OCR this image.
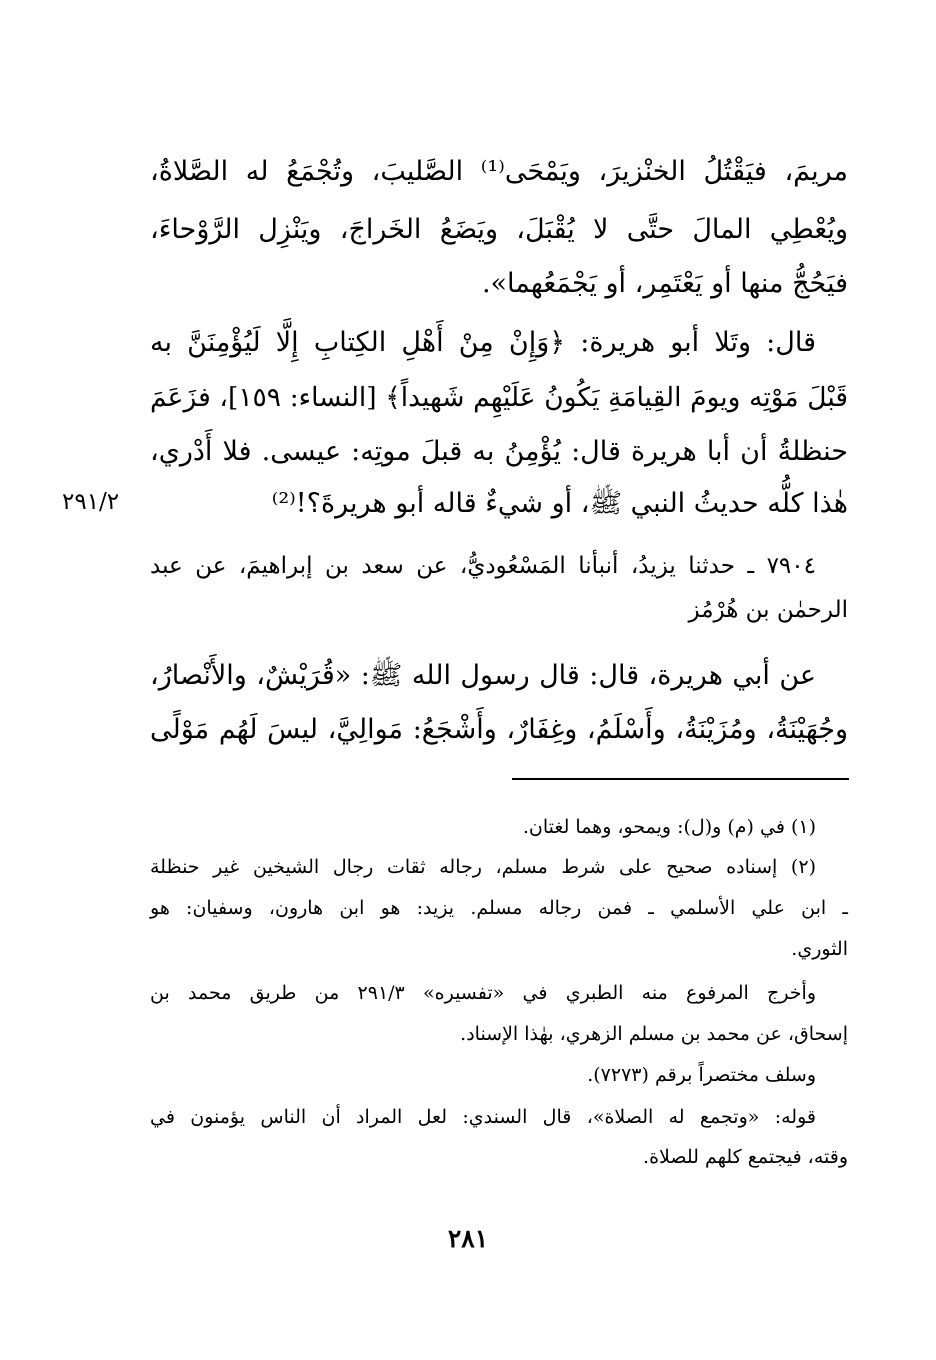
مريمَ، فيَقْتُلُ الخنْزيرَ، ويَمْحَى⁽¹⁾ الصَّليبَ، وتُجْمَعُ له الصَّلاةُ،
ويُعْطِي المالَ حتَّى لا يُقْبَلَ، ويَضَعُ الخَراجَ، ويَنْزِل الرَّوْحاءَ،
فيَحُجُّ منها أو يَعْتَمِر، أو يَجْمَعُهما».
قال: وتَلا أبو هريرة: ﴿وَإِنْ مِنْ أَهْلِ الكِتابِ إِلَّا لَيُؤْمِنَنَّ به
قَبْلَ مَوْتِه ويومَ القِيامَةِ يَكُونُ عَلَيْهِم شَهيداً﴾ [النساء: ١٥٩]، فزَعَمَ
حنظلةُ أن أبا هريرة قال: يُؤْمِنُ به قبلَ موتِه: عيسى. فلا أَدْري،
هٰذا كلُّه حديثُ النبي ﷺ، أو شيءٌ قاله أبو هريرةَ؟!⁽²⁾
٢٩١/٢
٧٩٠٤ ـ حدثنا يزيدُ، أنبأنا المَسْعُوديُّ، عن سعد بن إبراهيمَ، عن عبد
الرحمٰن بن هُرْمُز
عن أبي هريرة، قال: قال رسول الله ﷺ: «قُرَيْشٌ، والأَنْصارُ،
وجُهَيْنَةُ، ومُزَيْنَةُ، وأَسْلَمُ، وغِفَارٌ، وأَشْجَعُ: مَوالِيَّ، ليسَ لَهُم مَوْلًى
(١) في (م) و(ل): ويمحو، وهما لغتان.
(٢) إسناده صحيح على شرط مسلم، رجاله ثقات رجال الشيخين غير حنظلة
ـ ابن علي الأسلمي ـ فمن رجاله مسلم. يزيد: هو ابن هارون، وسفيان: هو
الثوري.
وأخرج المرفوع منه الطبري في «تفسيره» ٢٩١/٣ من طريق محمد بن
إسحاق، عن محمد بن مسلم الزهري، بهٰذا الإسناد.
وسلف مختصراً برقم (٧٢٧٣).
قوله: «وتجمع له الصلاة»، قال السندي: لعل المراد أن الناس يؤمنون في
وقته، فيجتمع كلهم للصلاة.
٢٨١
